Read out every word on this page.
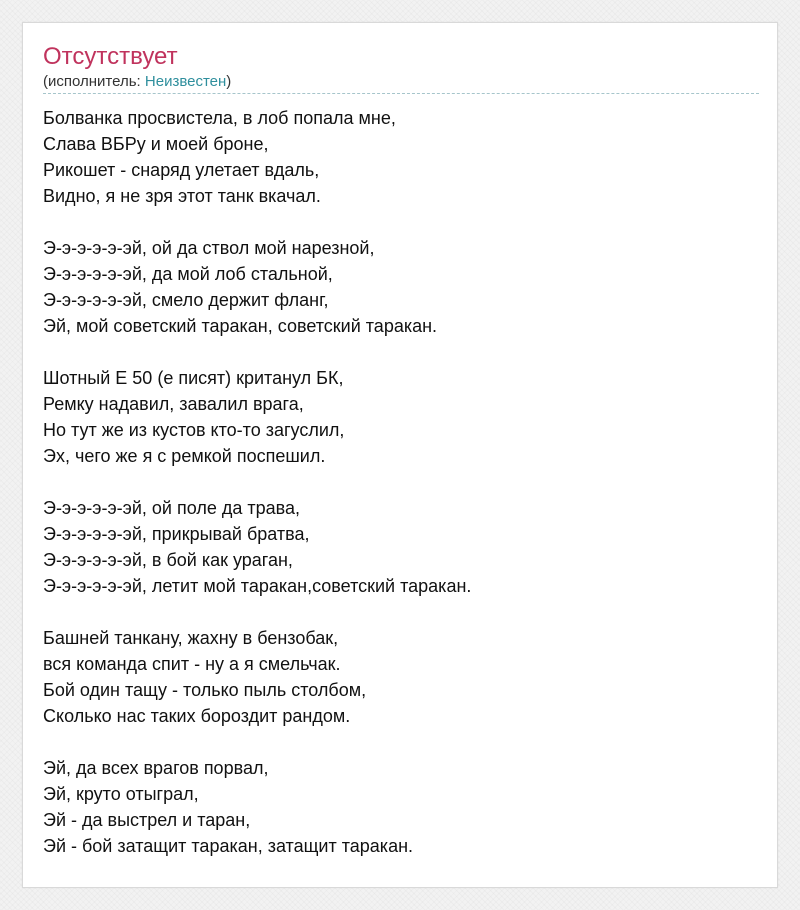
Отсутствует
(исполнитель: Неизвестен)
Болванка просвистела, в лоб попала мне,
Слава ВБРу и моей броне,
Рикошет - снаряд улетает вдаль,
Видно, я не зря этот танк вкачал.
Э-э-э-э-э-эй, ой да ствол мой нарезной,
Э-э-э-э-э-эй, да мой лоб стальной,
Э-э-э-э-э-эй, смело держит фланг,
Эй, мой советский таракан, советский таракан.
Шотный Е 50 (е писят) кританул БК,
Ремку надавил, завалил врага,
Но тут же из кустов кто-то загуслил,
Эх, чего же я с ремкой поспешил.
Э-э-э-э-э-эй, ой поле да трава,
Э-э-э-э-э-эй, прикрывай братва,
Э-э-э-э-э-эй, в бой как ураган,
Э-э-э-э-э-эй, летит мой таракан,советский таракан.
Башней танкану, жахну в бензобак,
вся команда спит - ну а я смельчак.
Бой один тащу - только пыль столбом,
Сколько нас таких бороздит рандом.
Эй, да всех врагов порвал,
Эй, круто отыграл,
Эй - да выстрел и таран,
Эй - бой затащит таракан, затащит таракан.
